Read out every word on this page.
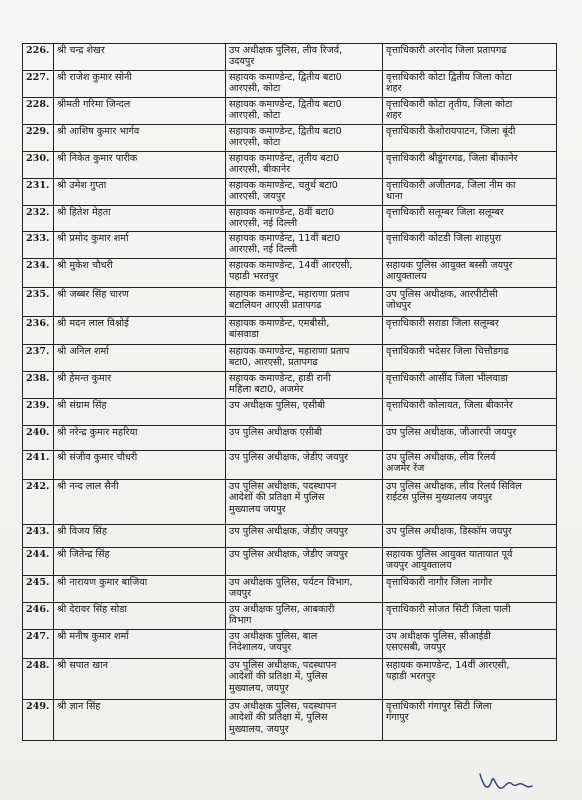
226.	श्री चन्द्र शेखर	उप अधीक्षक पुलिस, लीव रिजर्व,
उदयपुर	वृत्ताधिकारी अरनोद जिला प्रतापगढ

227.	श्री राजेश कुमार सोनी	सहायक कमाण्डेन्ट, द्वितीय बटा0
आरएसी, कोटा	वृत्ताधिकारी कोटा द्वितीय जिला कोटा
शहर

228.	श्रीमती गरिमा जिन्दल	सहायक कमाण्डेन्ट, द्वितीय बटा0
आरएसी, कोटा	वृत्ताधिकारी कोटा तृतीय, जिला कोटा
शहर

229.	श्री आशिष कुमार भार्गव	सहायक कमाण्डेन्ट, द्वितीय बटा0
आरएसी, कोटा	वृत्ताधिकारी केशोरायपाटन, जिला बूंदी

230.	श्री निकेत कुमार पारीक	सहायक कमाण्डेन्ट, तृतीय बटा0
आरएसी, बीकानेर	वृत्ताधिकारी श्रीडूंगरगढ, जिला बीकानेर

231.	श्री उमेश गुप्ता	सहायक कमाण्डेन्ट, चतुर्थ बटा0
आरएसी, जयपुर	वृत्ताधिकारी अजीतगढ, जिला नीम का
थाना

232.	श्री हितेश मेहता	सहायक कमाण्डेन्ट, 8वीं बटा0
आरएसी, नई दिल्ली	वृत्ताधिकारी सलूम्बर जिला सलूम्बर

233.	श्री प्रमोद कुमार शर्मा	सहायक कमाण्डेन्ट, 11वीं बटा0
आरएसी, नई दिल्ली	वृत्ताधिकारी कोटडी जिला शाहपुरा

234.	श्री मुकेश चौधरी	सहायक कमाण्डेन्ट, 14वीं आरएसी,
पहाडी भरतपुर	सहायक पुलिस आयुक्त बस्सी जयपुर
आयुक्तालय

235.	श्री जब्बर सिंह चारण	सहायक कमाण्डेन्ट, महाराणा प्रताप
बटालियन आएसी प्रतापगढ	उप पुलिस अधीक्षक, आरपीटीसी
जोधपुर

236.	श्री मदन लाल विश्नोई	सहायक कमाण्डेन्ट, एमबीसी,
बांसवाडा	वृत्ताधिकारी सराडा जिला सलूम्बर

237.	श्री अनिल शर्मा	सहायक कमाण्डेन्ट, महाराणा प्रताप
बटा0, आरएसी, प्रतापगढ	वृत्ताधिकारी भदेसर जिला चित्तौडगढ

238.	श्री हेमन्त कुमार	सहायक कमाण्डेन्ट, हाडी रानी
महिला बटा0, अजमेर	वृत्ताधिकारी आसींद जिला भीलवाडा

239.	श्री संग्राम सिंह	उप अधीक्षक पुलिस, एसीबी	वृत्ताधिकारी कोलायत, जिला बीकानेर

240.	श्री नरेन्द्र कुमार महरिया	उप पुलिस अधीक्षक एसीबी	उप पुलिस अधीक्षक, जीआरपी जयपुर

241.	श्री संजीव कुमार चौधरी	उप पुलिस अधीक्षक, जेडीए जयपुर	उप पुलिस अधीक्षक, लीव रिलर्व
अजमेर रेंज

242.	श्री नन्द लाल सैनी	उप पुलिस अधीक्षक, पदस्थापन
आदेशों की प्रतिक्षा में पुलिस
मुख्यालय जयपुर	उप पुलिस अधीक्षक, लीव रिलर्व सिविल
राईटस पुलिस मुख्यालय जयपुर

243.	श्री विजय सिंह	उप पुलिस अधीक्षक, जेडीए जयपुर	उप पुलिस अधीक्षक, डिस्कॉम जयपुर

244.	श्री जितेन्द्र सिंह	उप पुलिस अधीक्षक, जेडीए जयपुर	सहायक पुलिस आयुक्त यातायात पूर्व
जयपुर आयुक्तालय

245.	श्री नारायण कुमार बाजिया	उप अधीक्षक पुलिस, पर्यटन विभाग,
जयपुर	वृत्ताधिकारी नागौर जिला नागौर

246.	श्री देरावर सिंह सोडा	उप अधीक्षक पुलिस, आबकारी
विभाग	वृत्ताधिकारी सोजत सिटी जिला पाली

247.	श्री मनीष कुमार शर्मा	उप अधीक्षक पुलिस, बाल
निदेशालय, जयपुर	उप अधीक्षक पुलिस, सीआईडी
एसएसबी, जयपुर

248.	श्री सपात खान	उप पुलिस अधीक्षक, पदस्थापन
आदेशों की प्रतिक्षा में, पुलिस
मुख्यालय, जयपुर	सहायक कमाण्डेन्ट, 14वीं आरएसी,
पहाडी भरतपुर

249.	श्री ज्ञान सिंह	उप अधीक्षक पुलिस, पदस्थापन
आदेशों की प्रतिक्षा में, पुलिस
मुख्यालय, जयपुर	वृत्ताधिकारी गंगापुर सिटी जिला
गंगापुर
